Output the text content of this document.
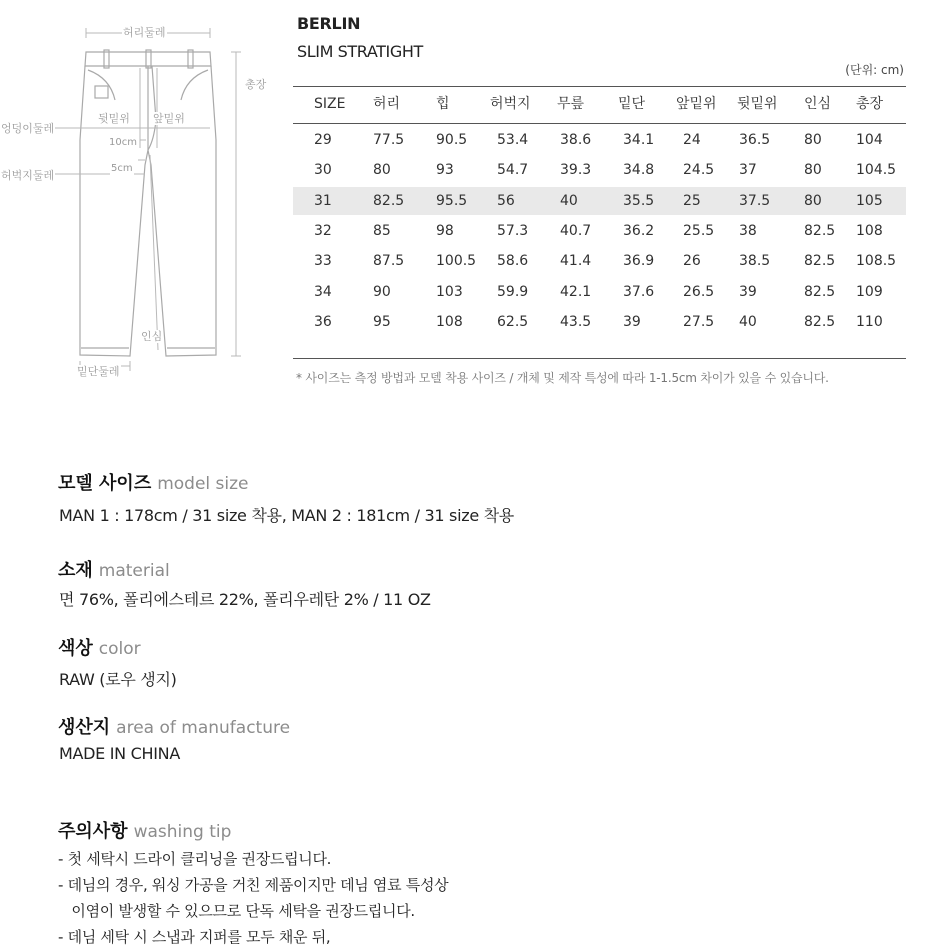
허리둘레
총장
뒷밑위 앞밑위
엉덩이둘레
10cm
허벅지둘레
5cm
인심
밑단둘레
BERLIN
SLIM STRATIGHT
(단위: cm)
SIZE 허리	힙	허벅지 무릎 밑단 앞밑위 뒷밑위 인심 총장
29	77.5 90.5 53.4 38.6 34.1 24	36.5 80 104
30	80	93	54.7 39.3 34.8 24.5 37	80 104.5
31	82.5 95.5 56	40	35.5 25	37.5 80 105
32	85	98	57.3 40.7 36.2 25.5 38	82.5 108
33	87.5 100.5 58.6 41.4 36.9 26	38.5 82.5 108.5
34	90	103 59.9 42.1 37.6 26.5 39	82.5 109
36	95	108 62.5 43.5 39	27.5 40	82.5 110
* 사이즈는 측정 방법과 모델 착용 사이즈 / 개체 및 제작 특성에 따라 1-1.5cm 차이가 있을 수 있습니다.
모델 사이즈 model size
MAN 1 : 178cm / 31 size 착용, MAN 2 : 181cm / 31 size 착용
소재 material
면 76%, 폴리에스테르 22%, 폴리우레탄 2% / 11 OZ
색상 color
RAW (로우 생지)
생산지 area of manufacture
MADE IN CHINA
주의사항 washing tip
- 첫 세탁시 드라이 클리닝을 권장드립니다.
- 데님의 경우, 워싱 가공을 거친 제품이지만 데님 염료 특성상
이염이 발생할 수 있으므로 단독 세탁을 권장드립니다.
- 데님 세탁 시 스냅과 지퍼를 모두 채운 뒤,
